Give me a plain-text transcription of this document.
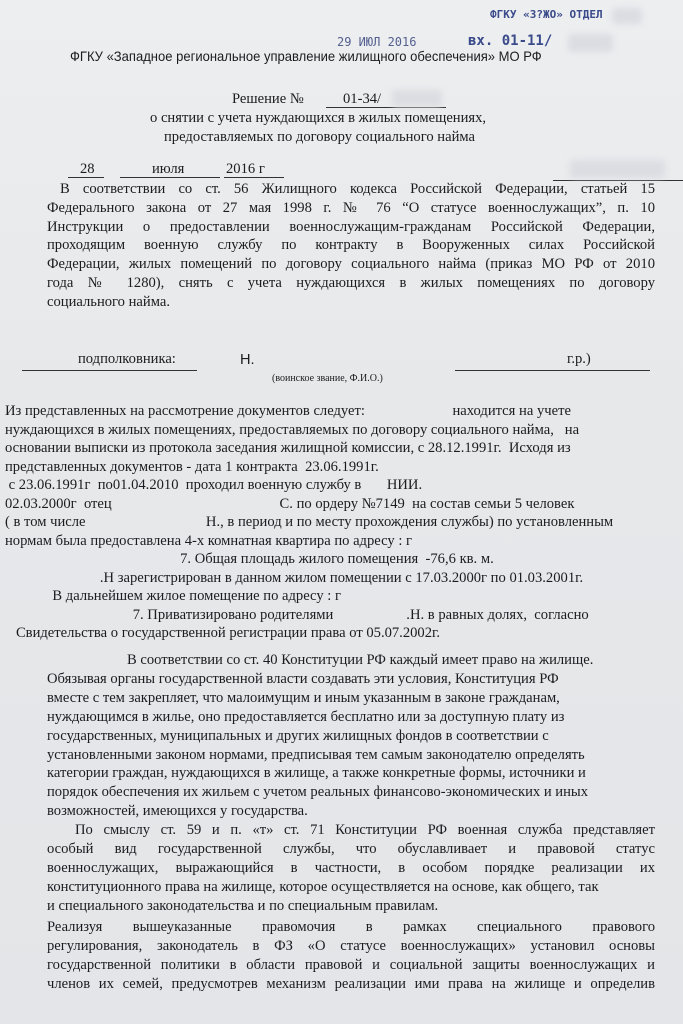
ФГКУ «3?ЖО» ОТДЕЛ
29 ИЮЛ 2016	вх. 01-11/
ФГКУ «Западное региональное управление жилищного обеспечения» МО РФ
Решение №	01-34/
о снятии с учета нуждающихся в жилых помещениях,
предоставляемых по договору социального найма
28	июля	2016 г
В соответствии со ст. 56 Жилищного кодекса Российской Федерации, статьей 15
Федерального закона от 27 мая 1998 г. № 76 “О статусе военнослужащих”, п. 10
Инструкции о предоставлении военнослужащим-гражданам Российской Федерации,
проходящим военную службу по контракту в Вооруженных силах Российской
Федерации, жилых помещений по договору социального найма (приказ МО РФ от 2010
года № 1280), снять с учета нуждающихся в жилых помещениях по договору
социального найма.
подполковника:	Н.	г.р.)
(воинское звание, Ф.И.О.)
Из представленных на рассмотрение документов следует:                        находится на учете
нуждающихся в жилых помещениях, предоставляемых по договору социального найма,   на
основании выписки из протокола заседания жилищной комиссии, с 28.12.1991г.  Исходя из
представленных документов - дата 1 контракта  23.06.1991г.
с 23.06.1991г  по01.04.2010  проходил военную службу в       НИИ.
02.03.2000г  отец                                              С. по ордеру №7149  на состав семьи 5 человек
( в том числе                                 Н., в период и по месту прохождения службы) по установленным
нормам была предоставлена 4-х комнатная квартира по адресу : г
7. Общая площадь жилого помещения  -76,6 кв. м.
.Н зарегистрирован в данном жилом помещении с 17.03.2000г по 01.03.2001г.
В дальнейшем жилое помещение по адресу : г
7. Приватизировано родителями                    .Н. в равных долях,  согласно
Свидетельства о государственной регистрации права от 05.07.2002г.
В соответствии со ст. 40 Конституции РФ каждый имеет право на жилище.
Обязывая органы государственной власти создавать эти условия, Конституция РФ
вместе с тем закрепляет, что малоимущим и иным указанным в законе гражданам,
нуждающимся в жилье, оно предоставляется бесплатно или за доступную плату из
государственных, муниципальных и других жилищных фондов в соответствии с
установленными законом нормами, предписывая тем самым законодателю определять
категории граждан, нуждающихся в жилище, а также конкретные формы, источники и
порядок обеспечения их жильем с учетом реальных финансово-экономических и иных
возможностей, имеющихся у государства.
По смыслу ст. 59 и п. «т» ст. 71 Конституции РФ военная служба представляет
особый вид государственной службы, что обуславливает и правовой статус
военнослужащих, выражающийся в частности, в особом порядке реализации их
конституционного права на жилище, которое осуществляется на основе, как общего, так
и специального законодательства и по специальным правилам.
Реализуя вышеуказанные правомочия в рамках специального правового
регулирования, законодатель в ФЗ «О статусе военнослужащих» установил основы
государственной политики в области правовой и социальной защиты военнослужащих и
членов их семей, предусмотрев механизм реализации ими права на жилище и определив
